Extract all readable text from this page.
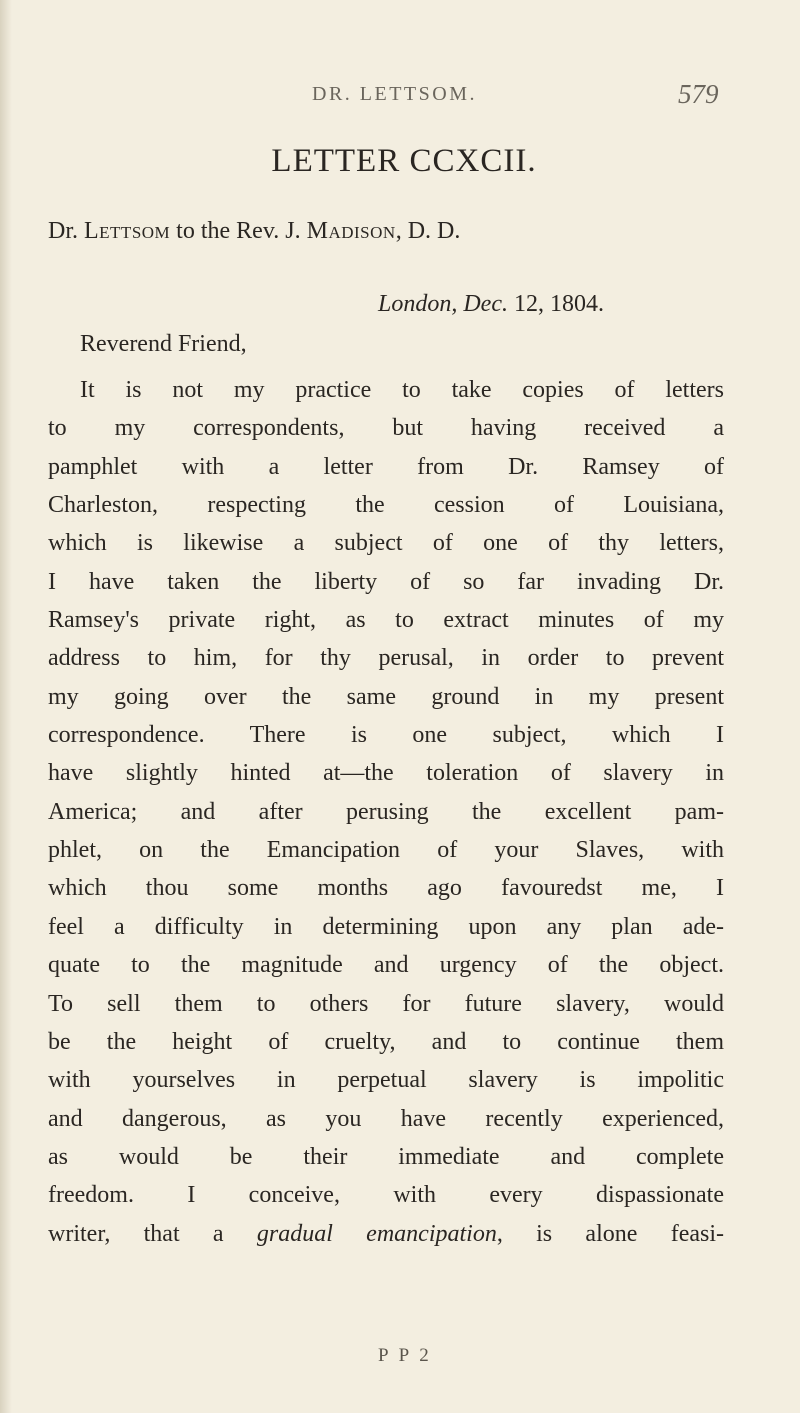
DR. LETTSOM.	579
LETTER CCXCII.
Dr. Lettsom to the Rev. J. Madison, D. D.
London, Dec. 12, 1804.
Reverend Friend,
It is not my practice to take copies of letters
to my correspondents, but having received a
pamphlet with a letter from Dr. Ramsey of
Charleston, respecting the cession of Louisiana,
which is likewise a subject of one of thy letters,
I have taken the liberty of so far invading Dr.
Ramsey's private right, as to extract minutes of my
address to him, for thy perusal, in order to prevent
my going over the same ground in my present
correspondence. There is one subject, which I
have slightly hinted at—the toleration of slavery in
America; and after perusing the excellent pam-
phlet, on the Emancipation of your Slaves, with
which thou some months ago favouredst me, I
feel a difficulty in determining upon any plan ade-
quate to the magnitude and urgency of the object.
To sell them to others for future slavery, would
be the height of cruelty, and to continue them
with yourselves in perpetual slavery is impolitic
and dangerous, as you have recently experienced,
as would be their immediate and complete
freedom. I conceive, with every dispassionate
writer, that a gradual emancipation, is alone feasi-
P P 2
